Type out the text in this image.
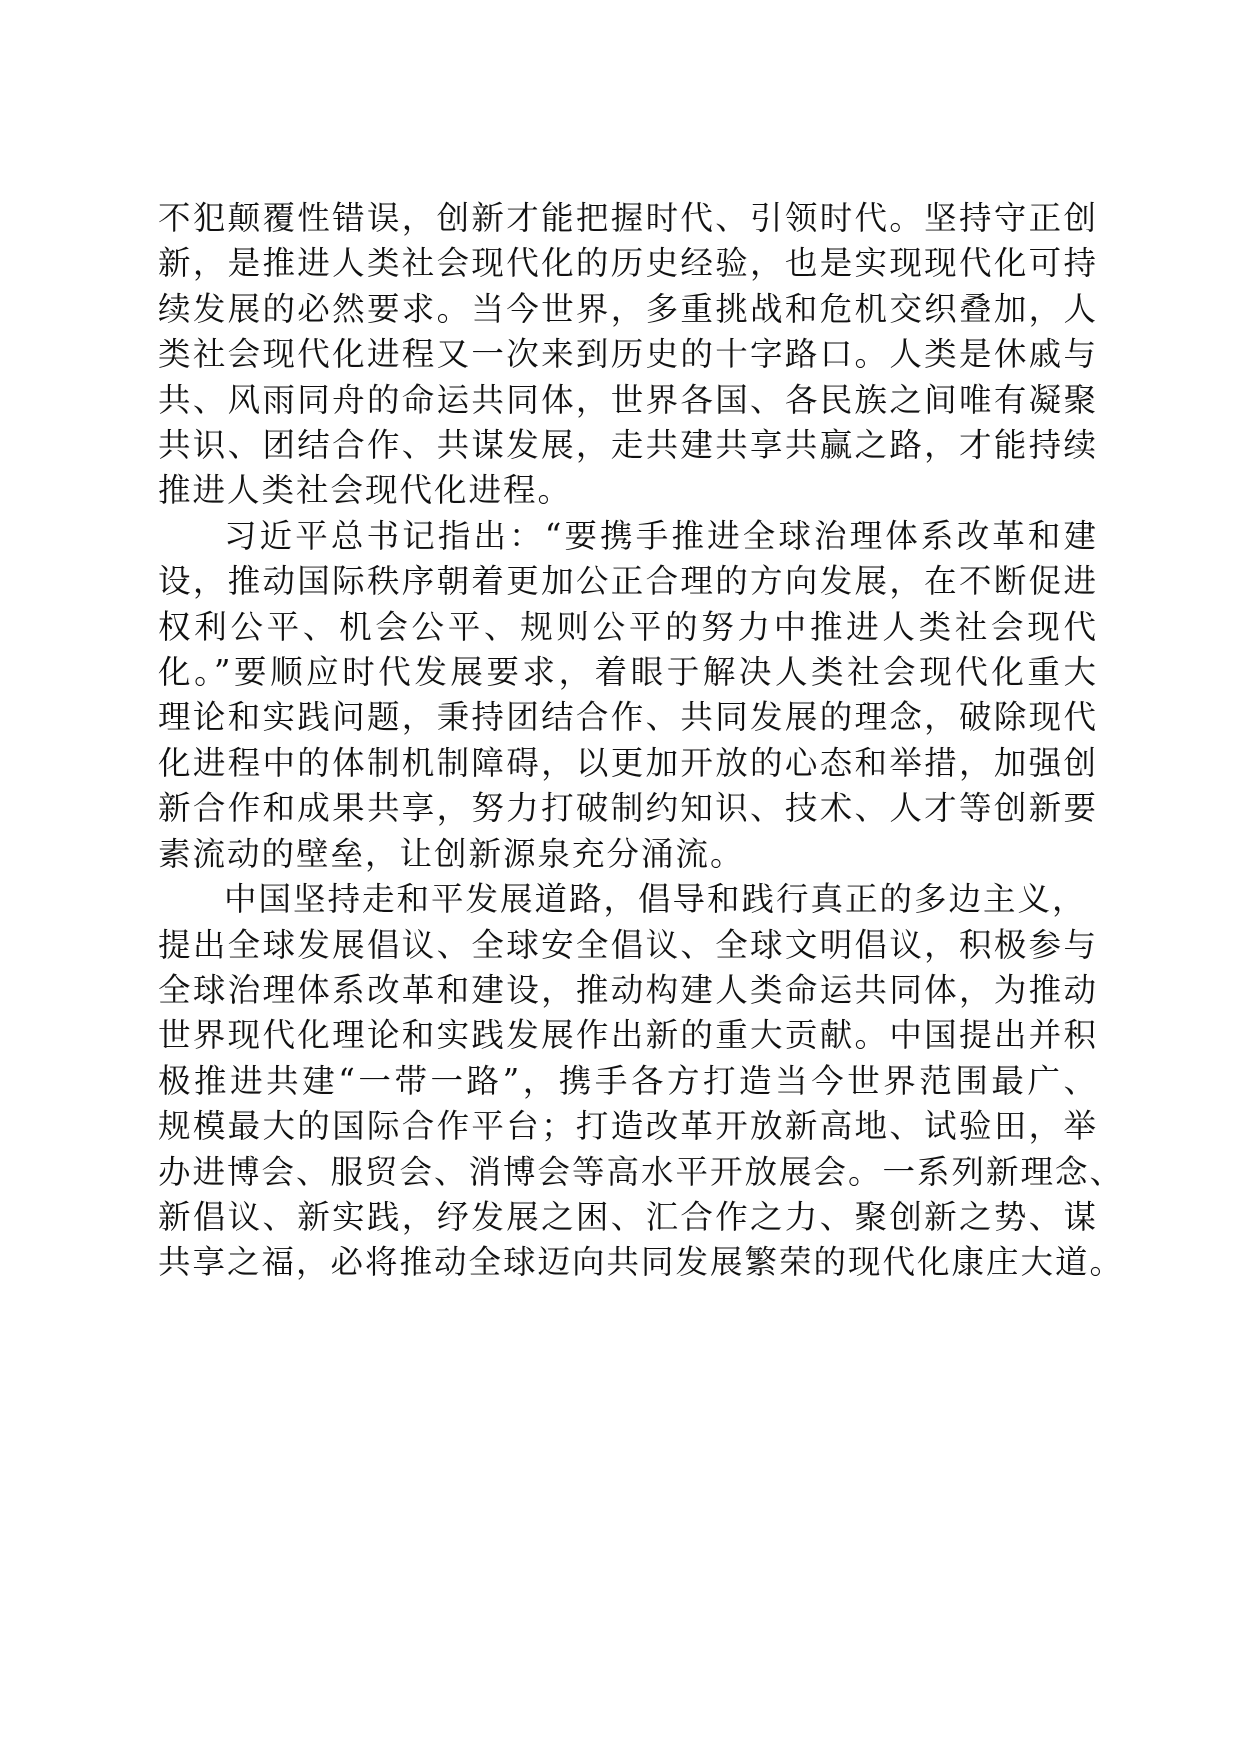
不犯颠覆性错误，创新才能把握时代、引领时代。坚持守正创
新，是推进人类社会现代化的历史经验，也是实现现代化可持
续发展的必然要求。当今世界，多重挑战和危机交织叠加，人
类社会现代化进程又一次来到历史的十字路口。人类是休戚与
共、风雨同舟的命运共同体，世界各国、各民族之间唯有凝聚
共识、团结合作、共谋发展，走共建共享共赢之路，才能持续
推进人类社会现代化进程。
习近平总书记指出：“要携手推进全球治理体系改革和建
设，推动国际秩序朝着更加公正合理的方向发展，在不断促进
权利公平、机会公平、规则公平的努力中推进人类社会现代
化。”要顺应时代发展要求，着眼于解决人类社会现代化重大
理论和实践问题，秉持团结合作、共同发展的理念，破除现代
化进程中的体制机制障碍，以更加开放的心态和举措，加强创
新合作和成果共享，努力打破制约知识、技术、人才等创新要
素流动的壁垒，让创新源泉充分涌流。
中国坚持走和平发展道路，倡导和践行真正的多边主义，
提出全球发展倡议、全球安全倡议、全球文明倡议，积极参与
全球治理体系改革和建设，推动构建人类命运共同体，为推动
世界现代化理论和实践发展作出新的重大贡献。中国提出并积
极推进共建“一带一路”，携手各方打造当今世界范围最广、
规模最大的国际合作平台；打造改革开放新高地、试验田，举
办进博会、服贸会、消博会等高水平开放展会。一系列新理念、
新倡议、新实践，纾发展之困、汇合作之力、聚创新之势、谋
共享之福，必将推动全球迈向共同发展繁荣的现代化康庄大道。
